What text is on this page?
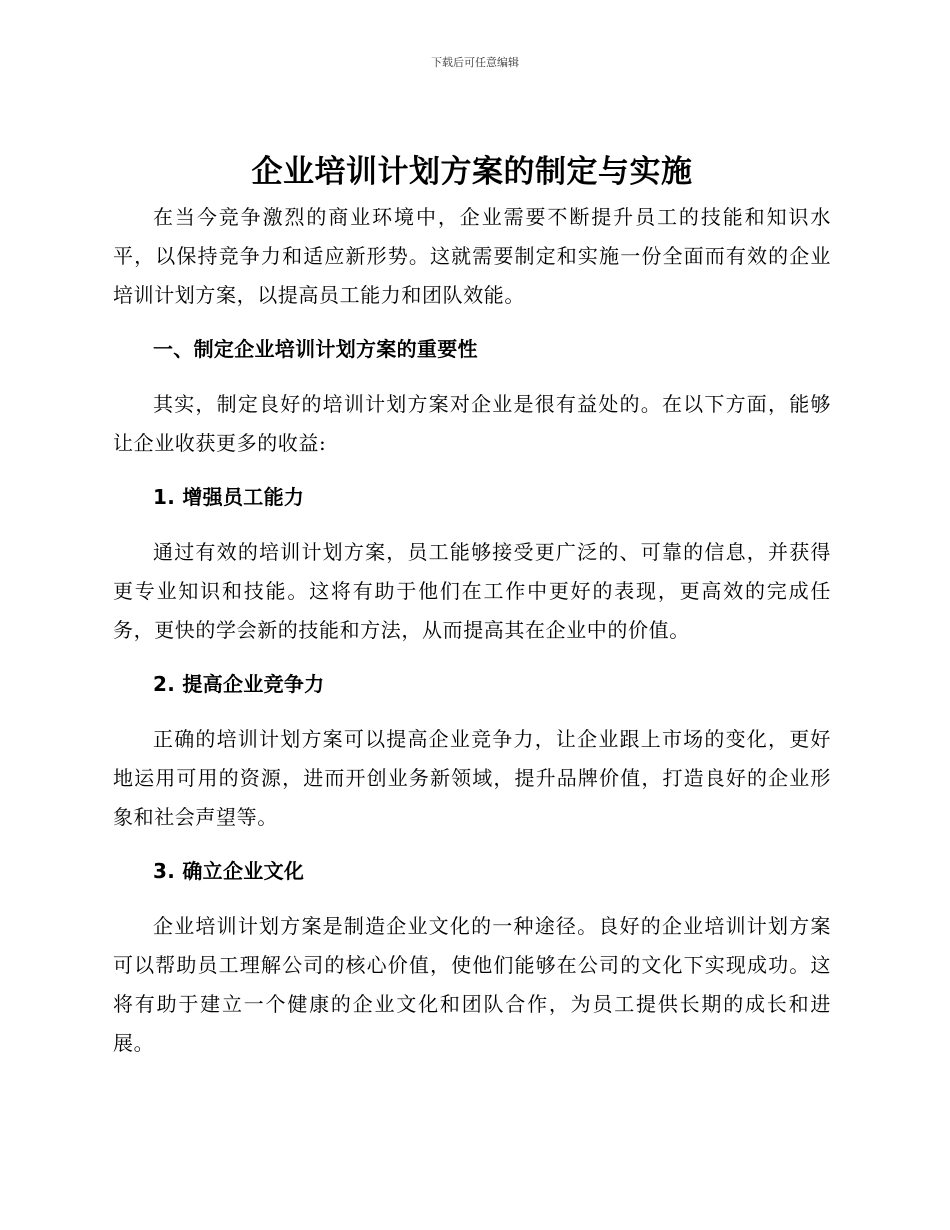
下载后可任意编辑
企业培训计划方案的制定与实施

在当今竞争激烈的商业环境中，企业需要不断提升员工的技能和知识水平，以保持竞争力和适应新形势。这就需要制定和实施一份全面而有效的企业培训计划方案，以提高员工能力和团队效能。

一、制定企业培训计划方案的重要性

其实，制定良好的培训计划方案对企业是很有益处的。在以下方面，能够让企业收获更多的收益:

1. 增强员工能力

通过有效的培训计划方案，员工能够接受更广泛的、可靠的信息，并获得更专业知识和技能。这将有助于他们在工作中更好的表现，更高效的完成任务，更快的学会新的技能和方法，从而提高其在企业中的价值。

2. 提高企业竞争力

正确的培训计划方案可以提高企业竞争力，让企业跟上市场的变化，更好地运用可用的资源，进而开创业务新领域，提升品牌价值，打造良好的企业形象和社会声望等。

3. 确立企业文化

企业培训计划方案是制造企业文化的一种途径。良好的企业培训计划方案可以帮助员工理解公司的核心价值，使他们能够在公司的文化下实现成功。这将有助于建立一个健康的企业文化和团队合作，为员工提供长期的成长和进展。
